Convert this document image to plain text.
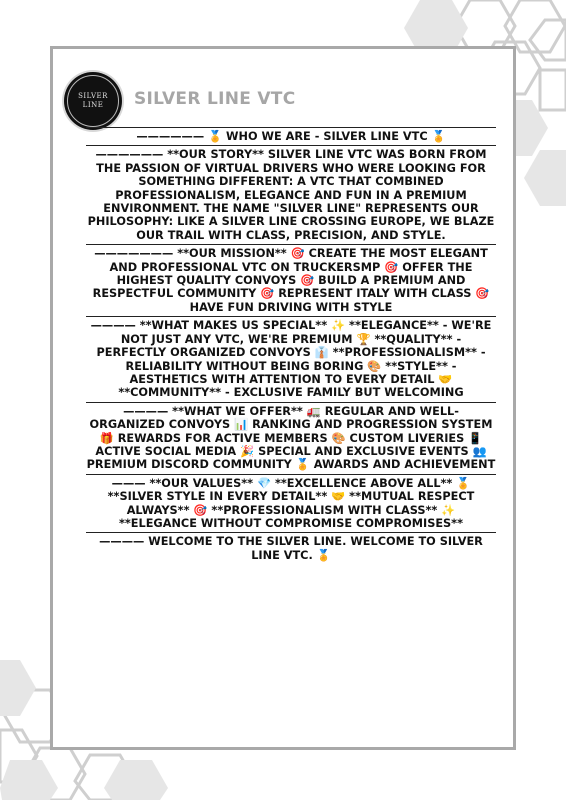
SILVER
LINE SILVER LINE VTC

—————— 🏅 WHO WE ARE - SILVER LINE VTC 🏅

—————— **OUR STORY** SILVER LINE VTC WAS BORN FROM THE PASSION OF VIRTUAL DRIVERS WHO WERE LOOKING FOR SOMETHING DIFFERENT: A VTC THAT COMBINED PROFESSIONALISM, ELEGANCE AND FUN IN A PREMIUM ENVIRONMENT. THE NAME "SILVER LINE" REPRESENTS OUR PHILOSOPHY: LIKE A SILVER LINE CROSSING EUROPE, WE BLAZE OUR TRAIL WITH CLASS, PRECISION, AND STYLE.

——————— **OUR MISSION** 🎯 CREATE THE MOST ELEGANT AND PROFESSIONAL VTC ON TRUCKERSMP 🎯 OFFER THE HIGHEST QUALITY CONVOYS 🎯 BUILD A PREMIUM AND RESPECTFUL COMMUNITY 🎯 REPRESENT ITALY WITH CLASS 🎯 HAVE FUN DRIVING WITH STYLE

———— **WHAT MAKES US SPECIAL** ✨ **ELEGANCE** - WE'RE NOT JUST ANY VTC, WE'RE PREMIUM 🏆 **QUALITY** - PERFECTLY ORGANIZED CONVOYS 👔 **PROFESSIONALISM** - RELIABILITY WITHOUT BEING BORING 🎨 **STYLE** - AESTHETICS WITH ATTENTION TO EVERY DETAIL 🤝 **COMMUNITY** - EXCLUSIVE FAMILY BUT WELCOMING

———— **WHAT WE OFFER** 🚛 REGULAR AND WELL-ORGANIZED CONVOYS 📊 RANKING AND PROGRESSION SYSTEM 🎁 REWARDS FOR ACTIVE MEMBERS 🎨 CUSTOM LIVERIES 📱 ACTIVE SOCIAL MEDIA 🎉 SPECIAL AND EXCLUSIVE EVENTS 👥 PREMIUM DISCORD COMMUNITY 🏅 AWARDS AND ACHIEVEMENT

——— **OUR VALUES** 💎 **EXCELLENCE ABOVE ALL** 🏅 **SILVER STYLE IN EVERY DETAIL** 🤝 **MUTUAL RESPECT ALWAYS** 🎯 **PROFESSIONALISM WITH CLASS** ✨ **ELEGANCE WITHOUT COMPROMISE COMPROMISES**

———— WELCOME TO THE SILVER LINE. WELCOME TO SILVER LINE VTC. 🏅
